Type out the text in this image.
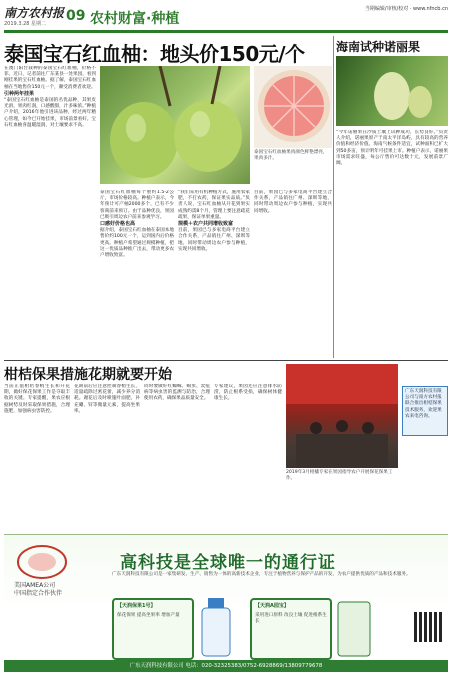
南方农村报 09 农村财富·种植
2019.3.28 星期二
当期编辑/审核/校对 · www.nfncb.cn
泰国宝石红血柚：地头价150元/个
在澳门阳台栽种的泰国宝石红血柚，价格不菲。近日，记者前往广东某县一处果园，看到刚挂果的宝石红血柚。据了解，泰国宝石红血柚在当地售价150元一个，颇受消费者欢迎。
引种两年挂果
“泰国宝石红血柚是泰国的名优品种，其果皮光滑，果肉红润，口感酸甜，汁多味浓。”种植户介绍，2016年他引进该品种，经过两年精心管理，如今已开始挂果，市场前景看好。宝石红血柚喜温暖湿润，对土壤要求不高。
泰国宝石红血柚果肉颜色鲜艳漂亮，果肉多汁。
泰国宝石红血柚每个重约1.5-2公斤，市场价格较高。种植户表示，今年预计可产柚2000多个，已有不少客商前来预订。由于品种优良，果园已吸引周边农户前来参观学习。
口感好价格也高
据介绍，泰国宝石红血柚在泰国本地售价约100元一个，运到国内后价格更高。种植户希望通过规模种植，把这一优质品种推广出去，带动更多农户增收致富。
“我们采用有机种植方式，施用农家肥，不打农药，保证果实品质。”负责人说，宝石红血柚从开花到果实成熟约需8个月，管理上要注意疏花疏果，保证单果重量。
规模＋农户共同增收致富
目前，果园已与多家电商平台建立合作关系，产品销往广州、深圳等地，同时带动周边农户参与种植，实现共同增收。
目前，果园已与多家电商平台建立合作关系，产品销往广州、深圳等地，同时带动周边农户参与种植，实现共同增收。
海南试种诺丽果
“今年诺丽果在沙质土壤上试种成功，长势良好。”负责人介绍，诺丽果原产于南太平洋岛屿，具有较高的营养价值和经济价值。海南气候条件适宜，试种面积已扩大到50多亩，预计明年可挂果上市。种植户表示，诺丽果市场需求旺盛，每公斤售价可达数十元，发展前景广阔。
柑桔保果措施花期就要开始
当前正值柑桔春梢生长和开花期，做好保花保果工作是夺取丰收的关键。专家提醒，果农应根据树势及时采取保果措施，合理施肥，加强病虫害防控。
花期前后应注意控制春梢生长，适量疏除过密花蕾，减少养分消耗。谢花后及时喷施叶面肥，补充硼、锌等微量元素，提高坐果率。
同时要做好红蜘蛛、蚜虫、炭疽病等病虫害的监测与防治，合理使用农药，确保果品质量安全。
专家建议，果园还应注意排水防涝，防止根系受损，确保树体健康生长。
2019年3月柑橘专家在果园指导农户开展保花保果工作。
广东天润科技有限公司与南方农村报联合推出柑桔保果技术服务，欢迎果农来电咨询。
美国AMEA公司
中国指定合作伙伴
高科技是全球唯一的通行证
广东天润科技有限公司是一家集研发、生产、销售为一体的高新技术企业，专注于植物营养与保护产品的开发，为农户提供优质的产品和技术服务。
【天润保果1号】
保花保果 提高坐果率 增加产量
【天润A园宝】
采用进口原料 改良土壤 促进根系生长
广东天润科技有限公司 电话：020-32325383/0752-6928869/13809779678
